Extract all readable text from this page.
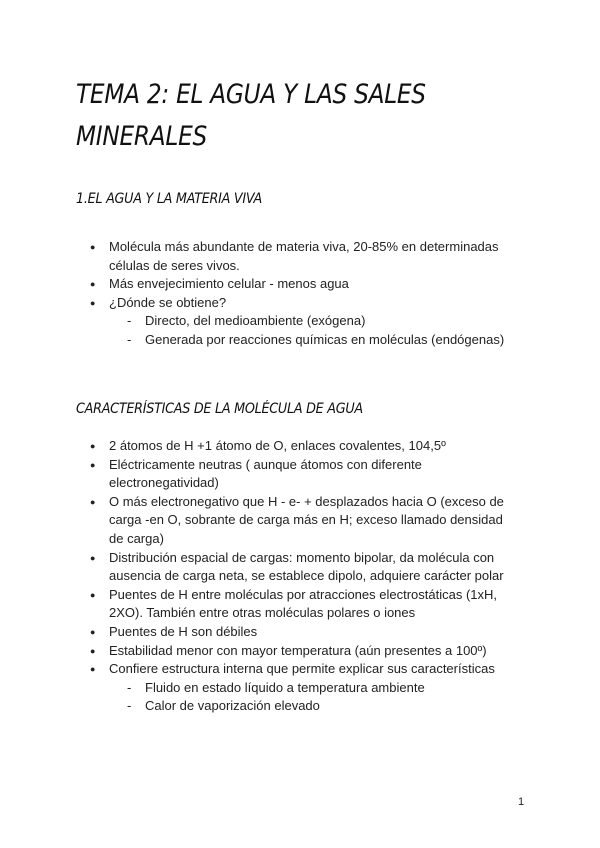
TEMA 2: EL AGUA Y LAS SALES MINERALES
1.EL AGUA Y LA MATERIA VIVA
● Molécula más abundante de materia viva, 20-85% en determinadas células de seres vivos.
● Más envejecimiento celular - menos agua
● ¿Dónde se obtiene?
- Directo, del medioambiente (exógena)
- Generada por reacciones químicas en moléculas (endógenas)
CARACTERÍSTICAS DE LA MOLÉCULA DE AGUA
● 2 átomos de H +1 átomo de O, enlaces covalentes, 104,5º
● Eléctricamente neutras ( aunque átomos con diferente electronegatividad)
● O más electronegativo que H - e- + desplazados hacia O (exceso de carga -en O, sobrante de carga más en H; exceso llamado densidad de carga)
● Distribución espacial de cargas: momento bipolar, da molécula con ausencia de carga neta, se establece dipolo, adquiere carácter polar
● Puentes de H entre moléculas por atracciones electrostáticas (1xH, 2XO). También entre otras moléculas polares o iones
● Puentes de H son débiles
● Estabilidad menor con mayor temperatura (aún presentes a 100º)
● Confiere estructura interna que permite explicar sus características
- Fluido en estado líquido a temperatura ambiente
- Calor de vaporización elevado
1
